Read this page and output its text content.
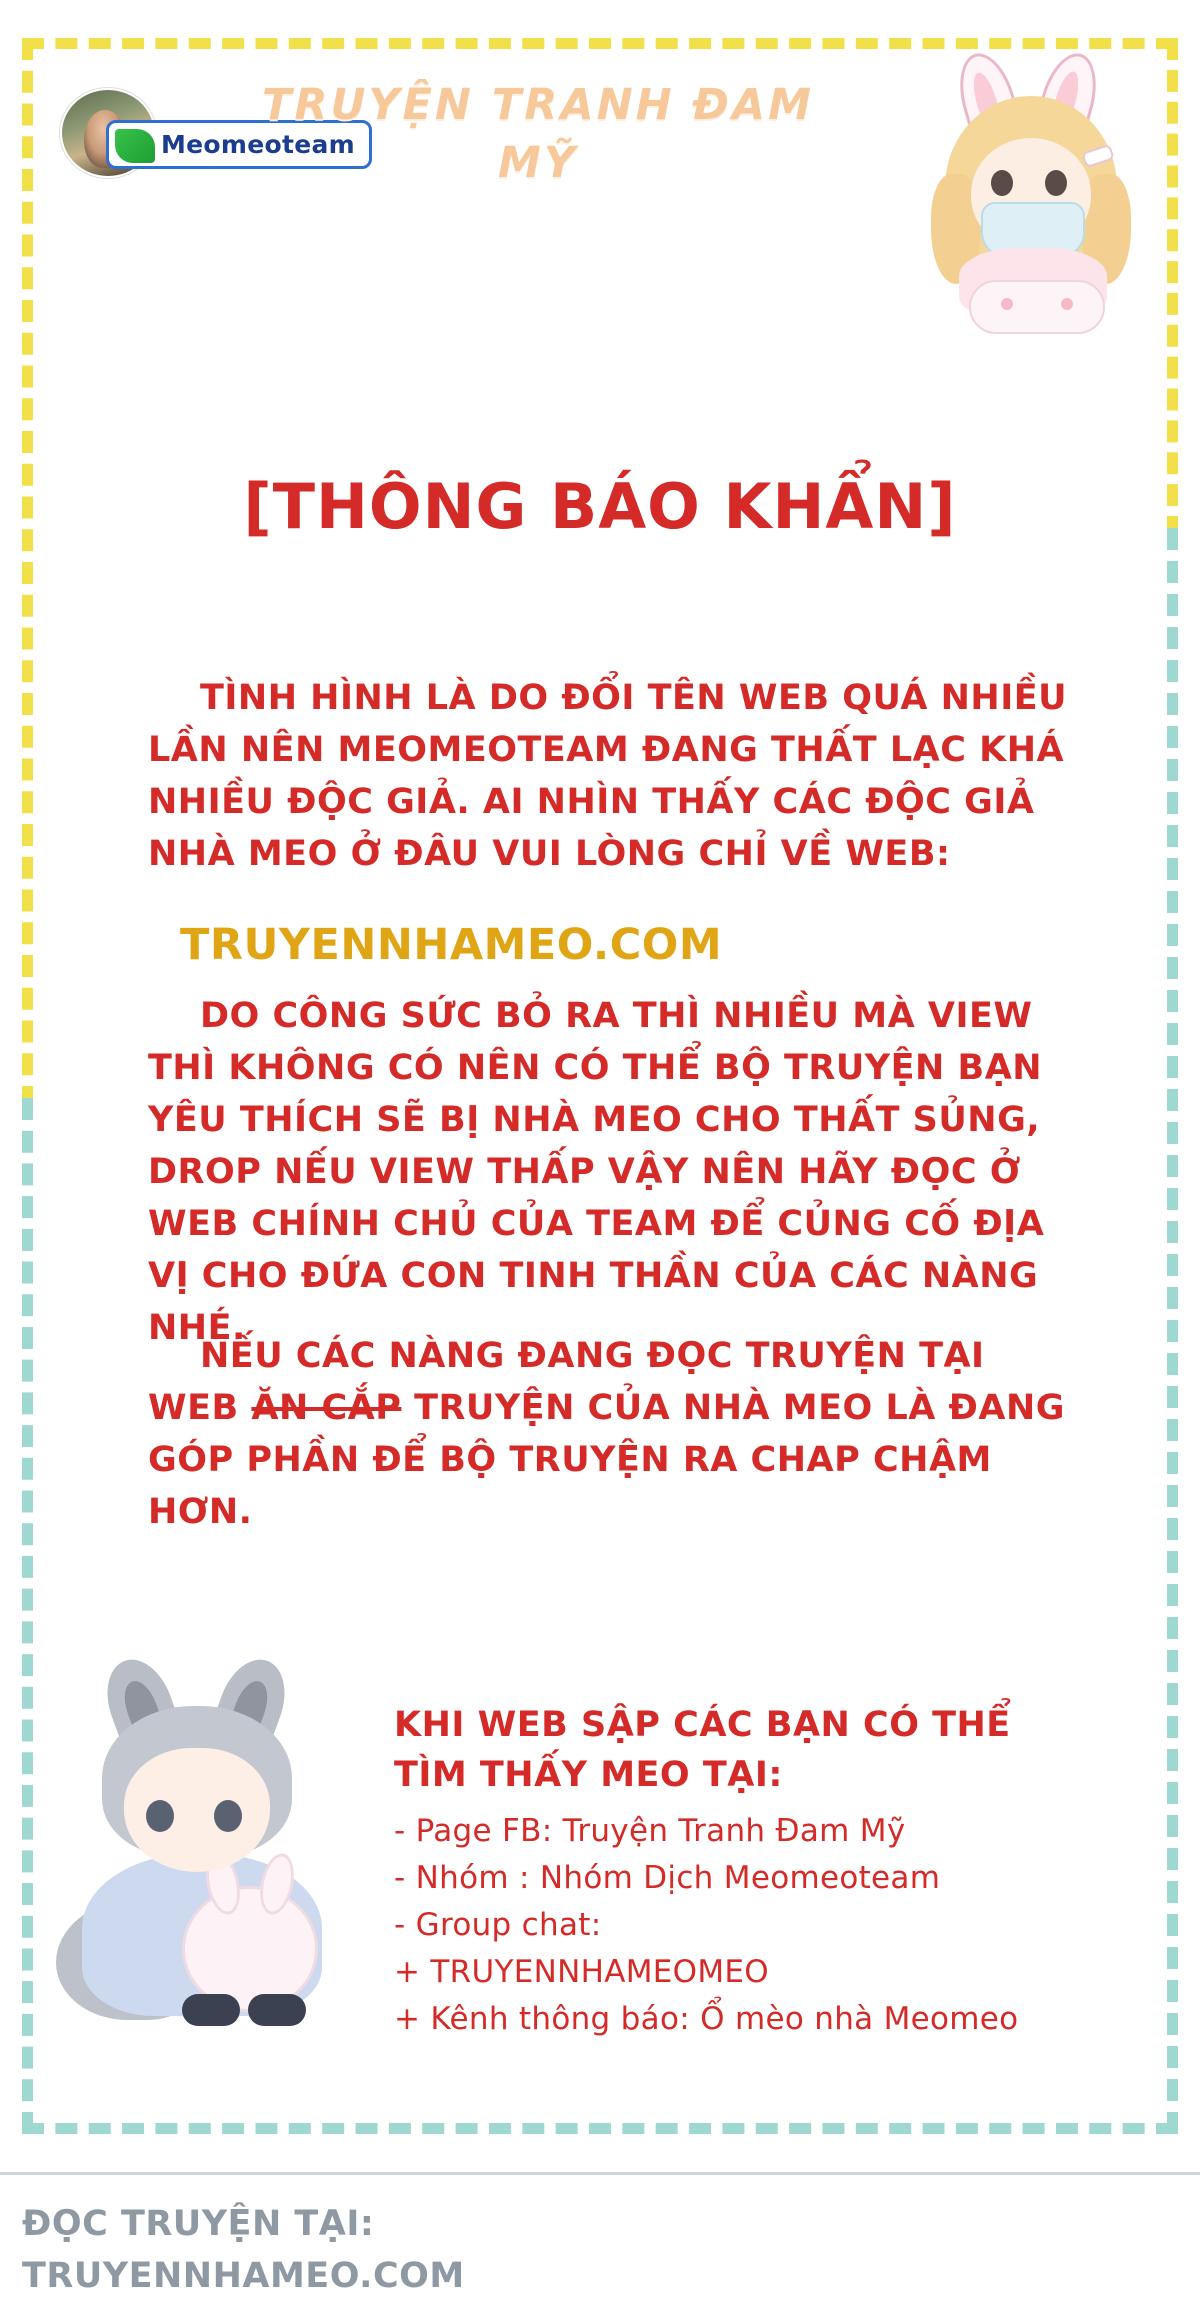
Meomeoteam
TRUYỆN TRANH ĐAM MỸ
[THÔNG BÁO KHẨN]
TÌNH HÌNH LÀ DO ĐỔI TÊN WEB QUÁ NHIỀU LẦN NÊN MEOMEOTEAM ĐANG THẤT LẠC KHÁ NHIỀU ĐỘC GIẢ. AI NHÌN THẤY CÁC ĐỘC GIẢ NHÀ MEO Ở ĐÂU VUI LÒNG CHỈ VỀ WEB:
TRUYENNHAMEO.COM
DO CÔNG SỨC BỎ RA THÌ NHIỀU MÀ VIEW THÌ KHÔNG CÓ NÊN CÓ THỂ BỘ TRUYỆN BẠN YÊU THÍCH SẼ BỊ NHÀ MEO CHO THẤT SỦNG, DROP NẾU VIEW THẤP VẬY NÊN HÃY ĐỌC Ở WEB CHÍNH CHỦ CỦA TEAM ĐỂ CỦNG CỐ ĐỊA VỊ CHO ĐỨA CON TINH THẦN CỦA CÁC NÀNG NHÉ.
NẾU CÁC NÀNG ĐANG ĐỌC TRUYỆN TẠI WEB ĂN CẮP TRUYỆN CỦA NHÀ MEO LÀ ĐANG GÓP PHẦN ĐỂ BỘ TRUYỆN RA CHAP CHẬM HƠN.
KHI WEB SẬP CÁC BẠN CÓ THỂ TÌM THẤY MEO TẠI:
- Page FB: Truyện Tranh Đam Mỹ
- Nhóm : Nhóm Dịch Meomeoteam
- Group chat:
+ TRUYENNHAMEOMEO
+ Kênh thông báo: Ổ mèo nhà Meomeo
ĐỌC TRUYỆN TẠI:
TRUYENNHAMEO.COM
